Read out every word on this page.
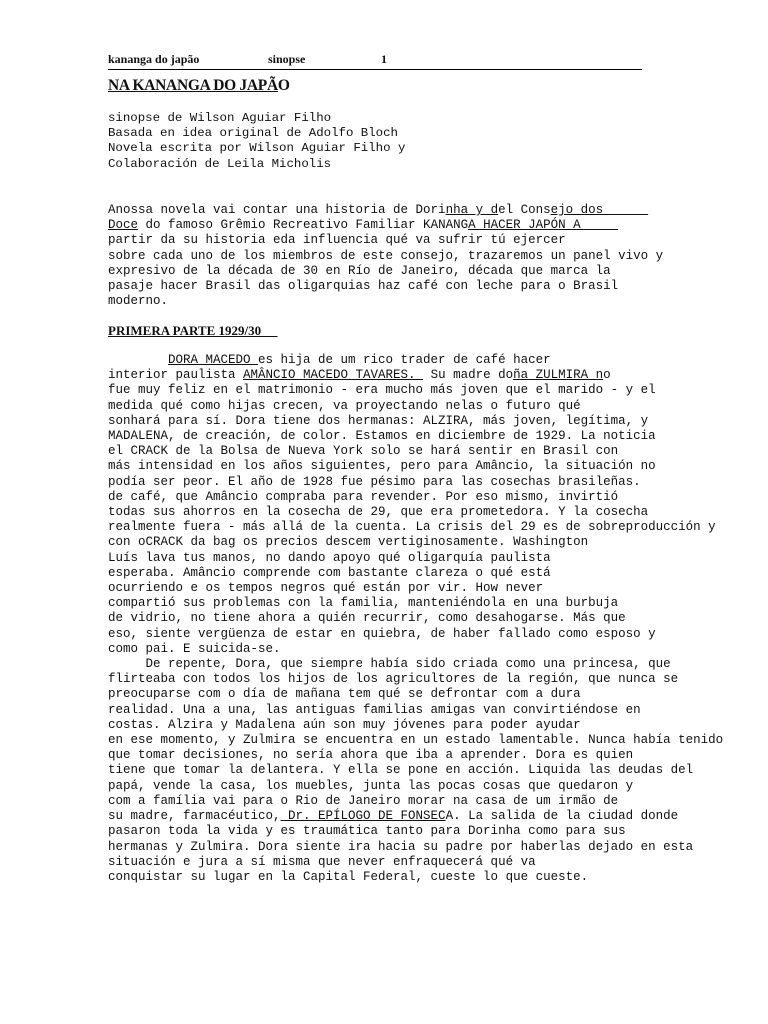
kananga do japão	sinopse	1
NA KANANGA DO JAPÃO
sinopse de Wilson Aguiar Filho
Basada en idea original de Adolfo Bloch
Novela escrita por Wilson Aguiar Filho y
Colaboración de Leila Micholis
Anossa novela vai contar una historia de Dorinha y del Consejo dos
Doce do famoso Grêmio Recreativo Familiar KANANGA HACER JAPÓN A
partir da su historia eda influencia qué va sufrir tú ejercer
sobre cada uno de los miembros de este consejo, trazaremos un panel vivo y
expresivo de la década de 30 en Río de Janeiro, década que marca la
pasaje hacer Brasil das oligarquias haz café con leche para o Brasil
moderno.
PRIMERA PARTE 1929/30
DORA MACEDO es hija de um rico trader de café hacer
interior paulista AMÂNCIO MACEDO TAVARES.  Su madre doña ZULMIRA no
fue muy feliz en el matrimonio - era mucho más joven que el marido - y el
medida qué como hijas crecen, va proyectando nelas o futuro qué
sonhará para sí. Dora tiene dos hermanas: ALZIRA, más joven, legítima, y
MADALENA, de creación, de color. Estamos en diciembre de 1929. La noticia
el CRACK de la Bolsa de Nueva York solo se hará sentir en Brasil con
más intensidad en los años siguientes, pero para Amâncio, la situación no
podía ser peor. El año de 1928 fue pésimo para las cosechas brasileñas.
de café, que Amâncio compraba para revender. Por eso mismo, invirtió
todas sus ahorros en la cosecha de 29, que era prometedora. Y la cosecha
realmente fuera - más allá de la cuenta. La crisis del 29 es de sobreproducción y
con oCRACK da bag os precios descem vertiginosamente. Washington
Luís lava tus manos, no dando apoyo qué oligarquía paulista
esperaba. Amâncio comprende com bastante clareza o qué está
ocurriendo e os tempos negros qué están por vir. How never
compartió sus problemas con la familia, manteniéndola en una burbuja
de vidrio, no tiene ahora a quién recurrir, como desahogarse. Más que
eso, siente vergüenza de estar en quiebra, de haber fallado como esposo y
como pai. E suicida-se.
De repente, Dora, que siempre había sido criada como una princesa, que
flirteaba con todos los hijos de los agricultores de la región, que nunca se
preocuparse com o día de mañana tem qué se defrontar com a dura
realidad. Una a una, las antiguas familias amigas van convirtiéndose en
costas. Alzira y Madalena aún son muy jóvenes para poder ayudar
en ese momento, y Zulmira se encuentra en un estado lamentable. Nunca había tenido
que tomar decisiones, no sería ahora que iba a aprender. Dora es quien
tiene que tomar la delantera. Y ella se pone en acción. Liquida las deudas del
papá, vende la casa, los muebles, junta las pocas cosas que quedaron y
com a família vai para o Rio de Janeiro morar na casa de um irmão de
su madre, farmacéutico, Dr. EPÍLOGO DE FONSECA. La salida de la ciudad donde
pasaron toda la vida y es traumática tanto para Dorinha como para sus
hermanas y Zulmira. Dora siente ira hacia su padre por haberlas dejado en esta
situación e jura a sí misma que never enfraquecerá qué va
conquistar su lugar en la Capital Federal, cueste lo que cueste.
